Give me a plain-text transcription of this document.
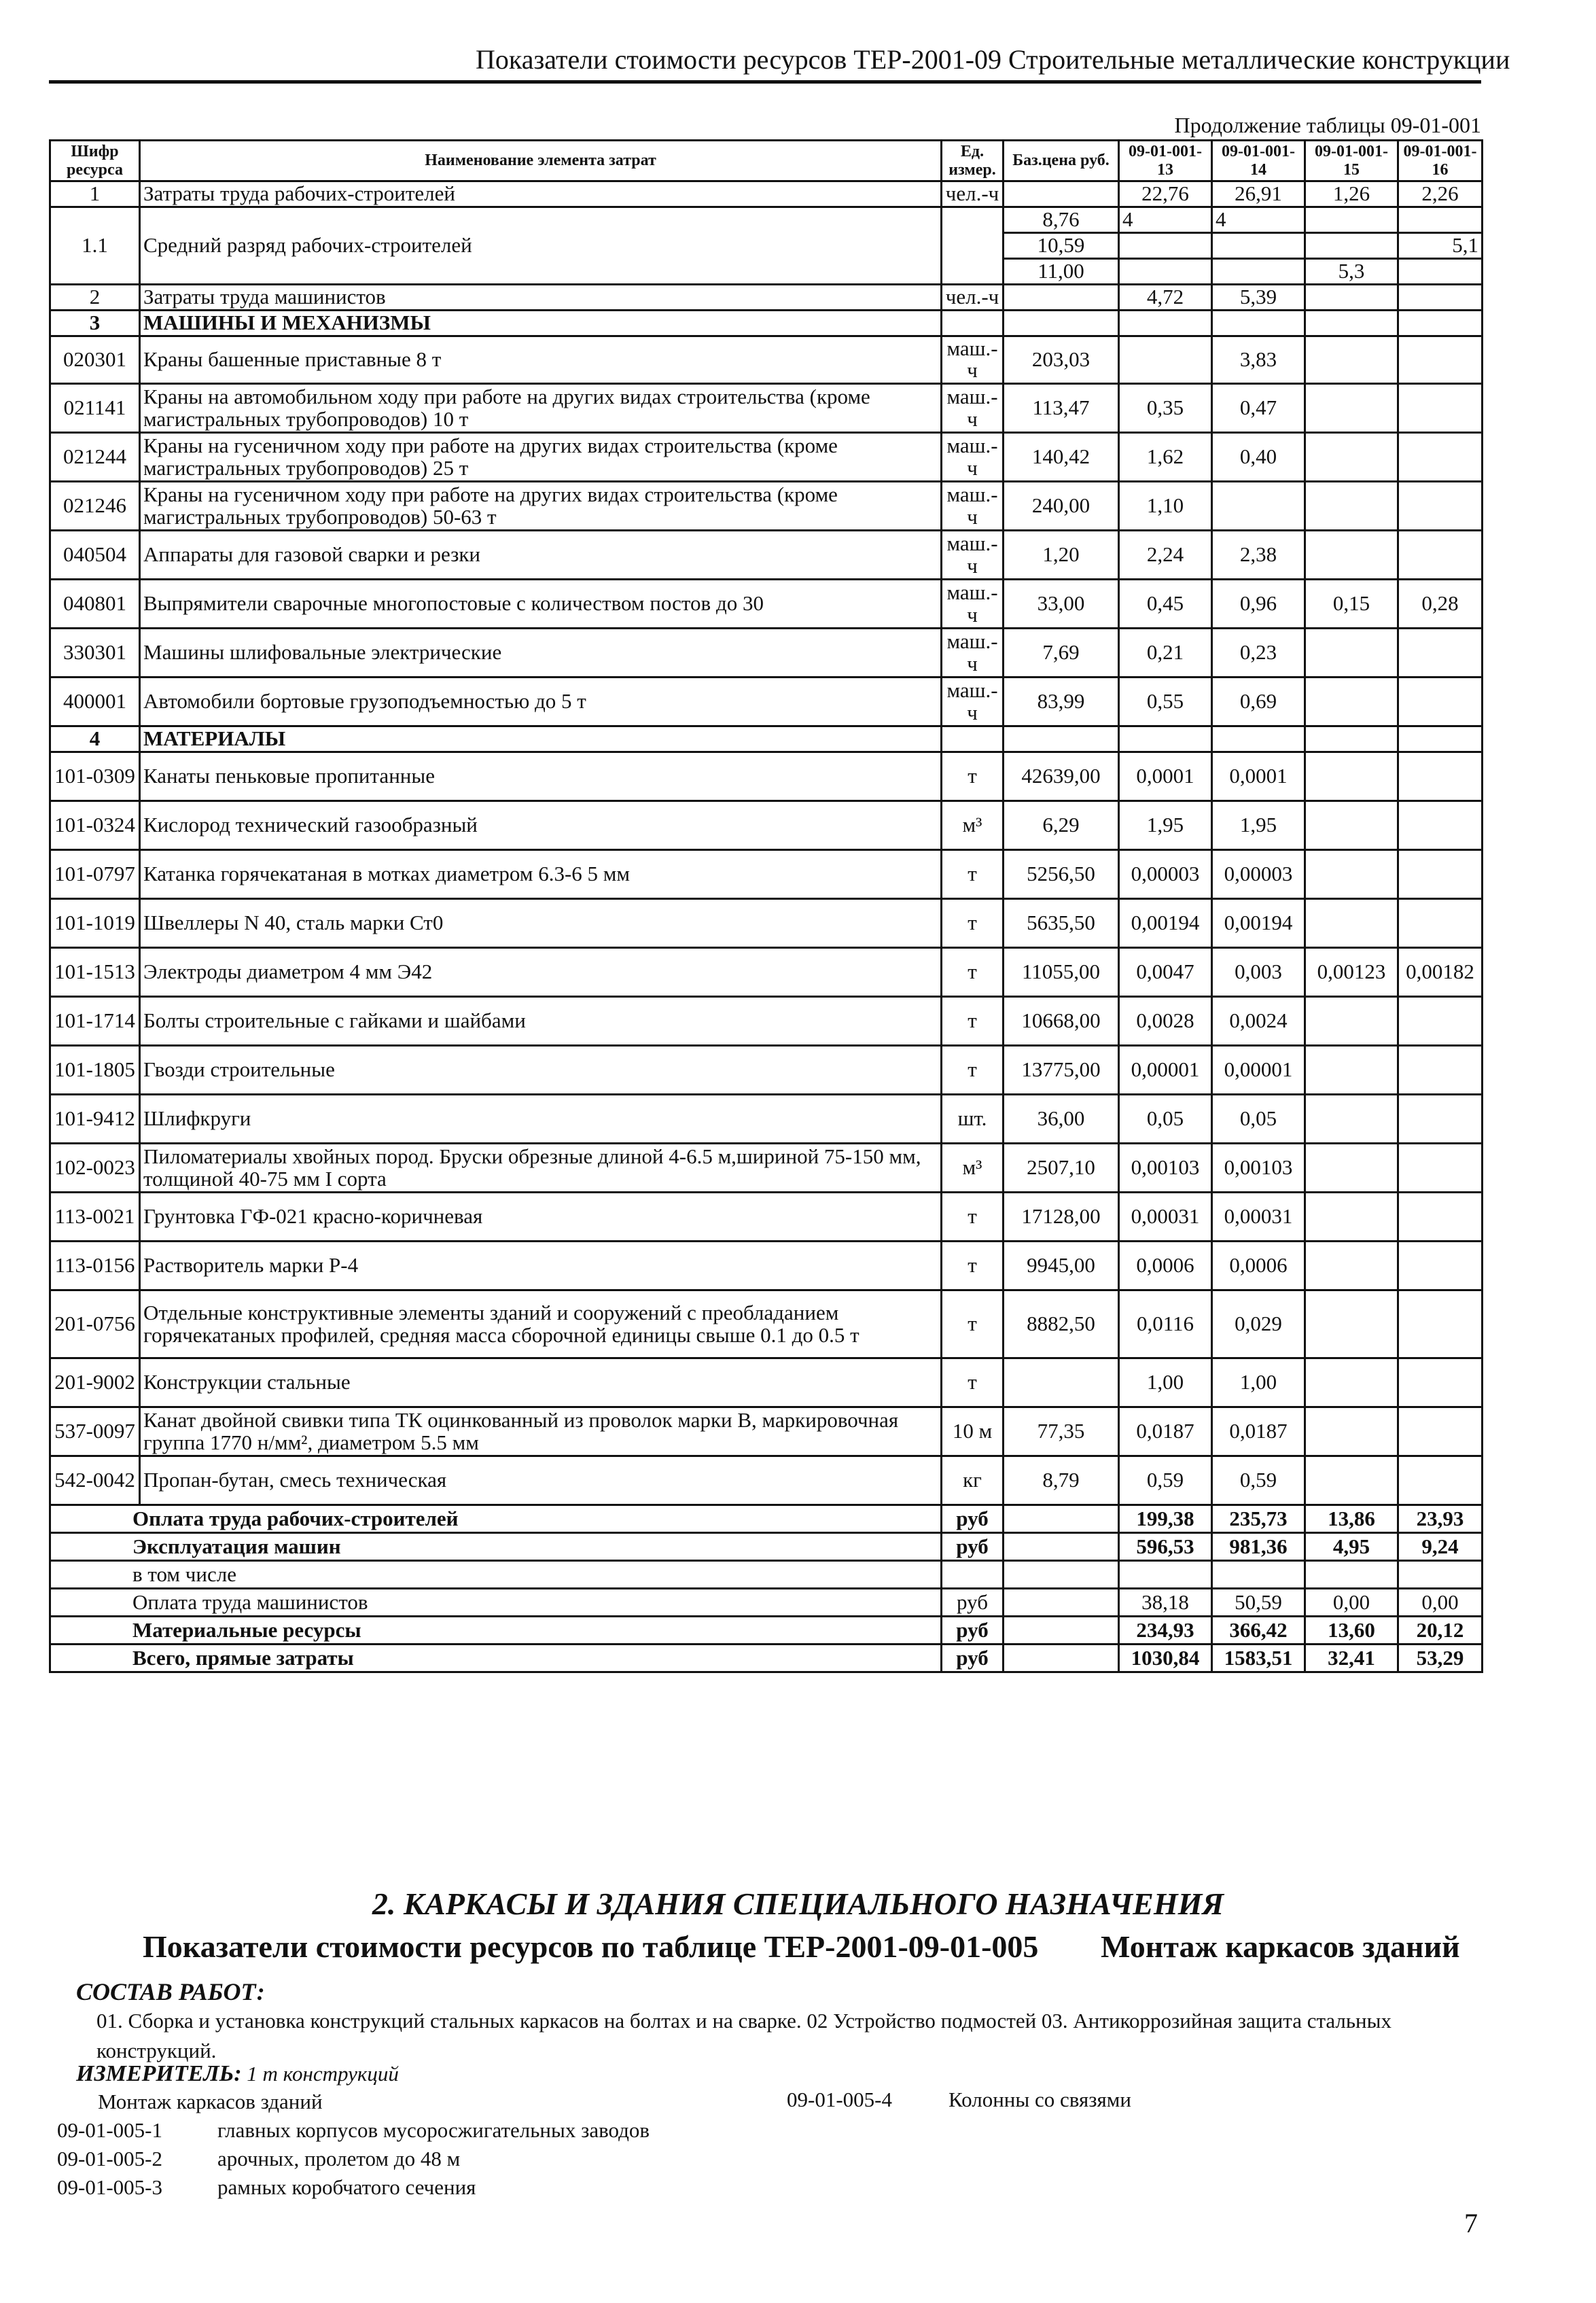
Показатели стоимости ресурсов ТЕР-2001-09 Строительные металлические конструкции
Продолжение таблицы 09-01-001
Шифр ресурса	Наименование элемента затрат	Ед. измер.	Баз.цена руб.	09-01-001-13	09-01-001-14	09-01-001-15	09-01-001-16
1	Затраты труда рабочих-строителей	чел.-ч		22,76	26,91	1,26	2,26
1.1	Средний разряд рабочих-строителей		8,76	4	4		
			10,59				5,1
			11,00			5,3	
2	Затраты труда машинистов	чел.-ч		4,72	5,39		
3	МАШИНЫ И МЕХАНИЗМЫ						
020301	Краны башенные приставные 8 т	маш.-ч	203,03		3,83		
021141	Краны на автомобильном ходу при работе на других видах строительства (кроме магистральных трубопроводов) 10 т	маш.-ч	113,47	0,35	0,47		
021244	Краны на гусеничном ходу при работе на других видах строительства (кроме магистральных трубопроводов) 25 т	маш.-ч	140,42	1,62	0,40		
021246	Краны на гусеничном ходу при работе на других видах строительства (кроме магистральных трубопроводов) 50-63 т	маш.-ч	240,00	1,10			
040504	Аппараты для газовой сварки и резки	маш.-ч	1,20	2,24	2,38		
040801	Выпрямители сварочные многопостовые с количеством постов до 30	маш.-ч	33,00	0,45	0,96	0,15	0,28
330301	Машины шлифовальные электрические	маш.-ч	7,69	0,21	0,23		
400001	Автомобили бортовые грузоподъемностью до 5 т	маш.-ч	83,99	0,55	0,69		
4	МАТЕРИАЛЫ						
101-0309	Канаты пеньковые пропитанные	т	42639,00	0,0001	0,0001		
101-0324	Кислород технический газообразный	м³	6,29	1,95	1,95		
101-0797	Катанка горячекатаная в мотках диаметром 6.3-6 5 мм	т	5256,50	0,00003	0,00003		
101-1019	Швеллеры N 40, сталь марки Ст0	т	5635,50	0,00194	0,00194		
101-1513	Электроды диаметром 4 мм Э42	т	11055,00	0,0047	0,003	0,00123	0,00182
101-1714	Болты строительные с гайками и шайбами	т	10668,00	0,0028	0,0024		
101-1805	Гвозди строительные	т	13775,00	0,00001	0,00001		
101-9412	Шлифкруги	шт.	36,00	0,05	0,05		
102-0023	Пиломатериалы хвойных пород. Бруски обрезные длиной 4-6.5 м,шириной 75-150 мм, толщиной 40-75 мм I сорта	м³	2507,10	0,00103	0,00103		
113-0021	Грунтовка ГФ-021 красно-коричневая	т	17128,00	0,00031	0,00031		
113-0156	Растворитель марки Р-4	т	9945,00	0,0006	0,0006		
201-0756	Отдельные конструктивные элементы зданий и сооружений с преобладанием горячекатаных профилей, средняя масса сборочной единицы свыше 0.1 до 0.5 т	т	8882,50	0,0116	0,029		
201-9002	Конструкции стальные	т		1,00	1,00		
537-0097	Канат двойной свивки типа ТК оцинкованный из проволок марки В, маркировочная группа 1770 н/мм², диаметром 5.5 мм	10 м	77,35	0,0187	0,0187		
542-0042	Пропан-бутан, смесь техническая	кг	8,79	0,59	0,59		
Оплата труда рабочих-строителей		руб		199,38	235,73	13,86	23,93
Эксплуатация машин		руб		596,53	981,36	4,95	9,24
в том числе							
Оплата труда машинистов		руб		38,18	50,59	0,00	0,00
Материальные ресурсы		руб		234,93	366,42	13,60	20,12
Всего, прямые затраты		руб		1030,84	1583,51	32,41	53,29
2. КАРКАСЫ И ЗДАНИЯ СПЕЦИАЛЬНОГО НАЗНАЧЕНИЯ
Показатели стоимости ресурсов по таблице ТЕР-2001-09-01-005 Монтаж каркасов зданий
СОСТАВ РАБОТ:
01. Сборка и установка конструкций стальных каркасов на болтах и на сварке. 02 Устройство подмостей 03. Антикоррозийная защита стальных конструкций.
ИЗМЕРИТЕЛЬ: 1 т конструкций
Монтаж каркасов зданий
09-01-005-1	главных корпусов мусоросжигательных заводов
09-01-005-2	арочных, пролетом до 48 м
09-01-005-3	рамных коробчатого сечения
09-01-005-4	Колонны со связями
7
